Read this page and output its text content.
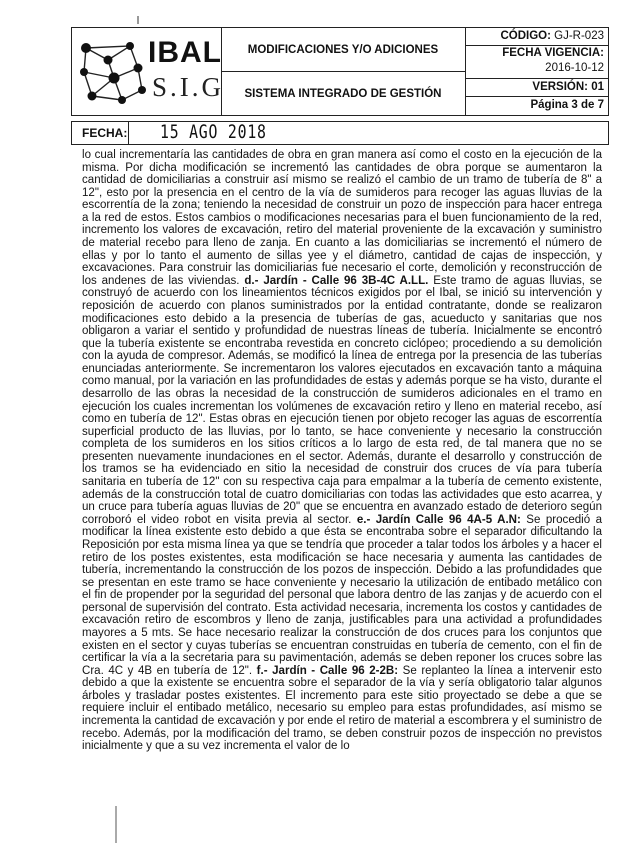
IBAL
S.I.G
MODIFICACIONES Y/O ADICIONES
SISTEMA INTEGRADO DE GESTIÓN
CÓDIGO: GJ-R-023
FECHA VIGENCIA:
2016-10-12
VERSIÓN: 01
Página 3 de 7
FECHA: 15 AGO 2018

lo cual incrementaría las cantidades de obra en gran manera así como el costo en la ejecución de la misma. Por dicha modificación se incrementó las cantidades de obra porque se aumentaron la cantidad de domiciliarias a construir así mismo se realizó el cambio de un tramo de tubería de 8" a 12", esto por la presencia en el centro de la vía de sumideros para recoger las aguas lluvias de la escorrentía de la zona; teniendo la necesidad de construir un pozo de inspección para hacer entrega a la red de estos. Estos cambios o modificaciones necesarias para el buen funcionamiento de la red, incremento los valores de excavación, retiro del material proveniente de la excavación y suministro de material recebo para lleno de zanja. En cuanto a las domiciliarias se incrementó el número de ellas y por lo tanto el aumento de sillas yee y el diámetro, cantidad de cajas de inspección, y excavaciones. Para construir las domiciliarias fue necesario el corte, demolición y reconstrucción de los andenes de las viviendas. d.- Jardín - Calle 96 3B-4C A.LL. Este tramo de aguas lluvias, se construyó de acuerdo con los lineamientos técnicos exigidos por el Ibal, se inició su intervención y reposición de acuerdo con planos suministrados por la entidad contratante, donde se realizaron modificaciones esto debido a la presencia de tuberías de gas, acueducto y sanitarias que nos obligaron a variar el sentido y profundidad de nuestras líneas de tubería. Inicialmente se encontró que la tubería existente se encontraba revestida en concreto ciclópeo; procediendo a su demolición con la ayuda de compresor. Además, se modificó la línea de entrega por la presencia de las tuberías enunciadas anteriormente. Se incrementaron los valores ejecutados en excavación tanto a máquina como manual, por la variación en las profundidades de estas y además porque se ha visto, durante el desarrollo de las obras la necesidad de la construcción de sumideros adicionales en el tramo en ejecución los cuales incrementan los volúmenes de excavación retiro y lleno en material recebo, así como en tubería de 12". Estas obras en ejecución tienen por objeto recoger las aguas de escorrentía superficial producto de las lluvias, por lo tanto, se hace conveniente y necesario la construcción completa de los sumideros en los sitios críticos a lo largo de esta red, de tal manera que no se presenten nuevamente inundaciones en el sector. Además, durante el desarrollo y construcción de los tramos se ha evidenciado en sitio la necesidad de construir dos cruces de vía para tubería sanitaria en tubería de 12" con su respectiva caja para empalmar a la tubería de cemento existente, además de la construcción total de cuatro domiciliarias con todas las actividades que esto acarrea, y un cruce para tubería aguas lluvias de 20" que se encuentra en avanzado estado de deterioro según corroboró el video robot en visita previa al sector. e.- Jardín Calle 96 4A-5 A.N: Se procedió a modificar la línea existente esto debido a que ésta se encontraba sobre el separador dificultando la Reposición por esta misma línea ya que se tendría que proceder a talar todos los árboles y a hacer el retiro de los postes existentes, esta modificación se hace necesaria y aumenta las cantidades de tubería, incrementando la construcción de los pozos de inspección. Debido a las profundidades que se presentan en este tramo se hace conveniente y necesario la utilización de entibado metálico con el fin de propender por la seguridad del personal que labora dentro de las zanjas y de acuerdo con el personal de supervisión del contrato. Esta actividad necesaria, incrementa los costos y cantidades de excavación retiro de escombros y lleno de zanja, justificables para una actividad a profundidades mayores a 5 mts. Se hace necesario realizar la construcción de dos cruces para los conjuntos que existen en el sector y cuyas tuberías se encuentran construidas en tubería de cemento, con el fin de certificar la vía a la secretaria para su pavimentación, además se deben reponer los cruces sobre las Cra. 4C y 4B en tubería de 12". f.- Jardín - Calle 96 2-2B: Se replanteo la línea a intervenir esto debido a que la existente se encuentra sobre el separador de la vía y sería obligatorio talar algunos árboles y trasladar postes existentes. El incremento para este sitio proyectado se debe a que se requiere incluir el entibado metálico, necesario su empleo para estas profundidades, así mismo se incrementa la cantidad de excavación y por ende el retiro de material a escombrera y el suministro de recebo. Además, por la modificación del tramo, se deben construir pozos de inspección no previstos inicialmente y que a su vez incrementa el valor de lo
